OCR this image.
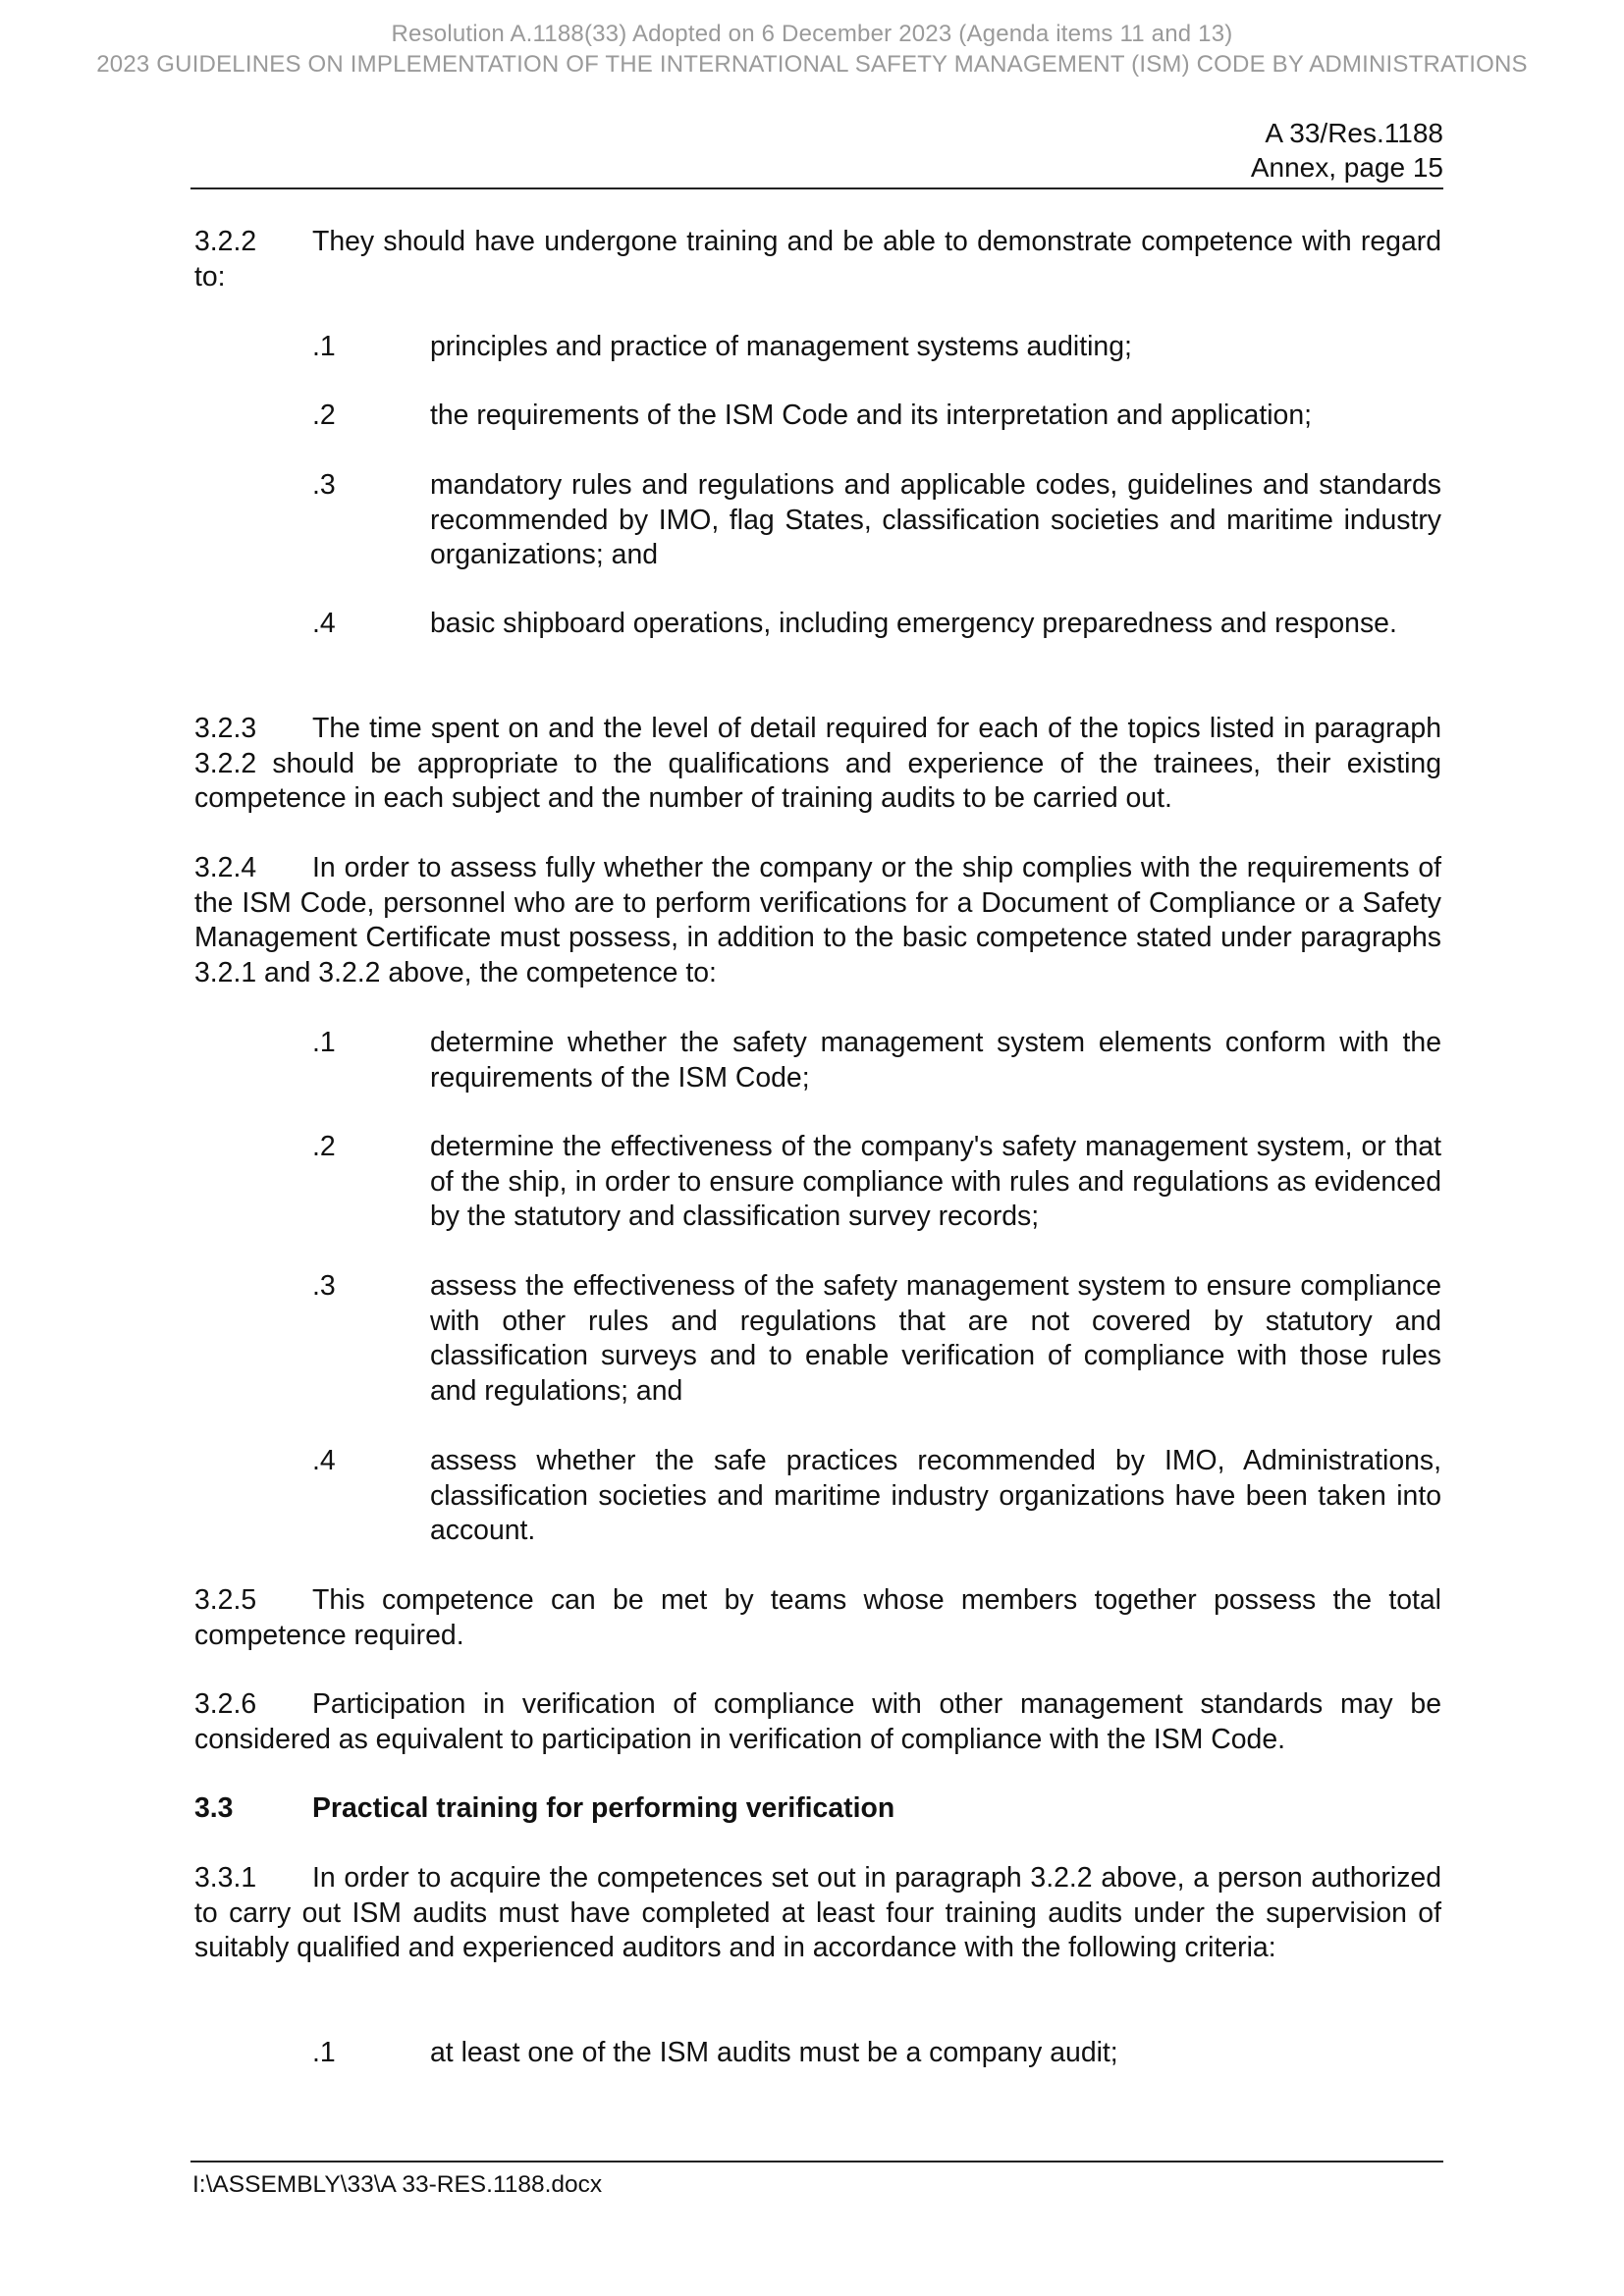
Resolution A.1188(33) Adopted on 6 December 2023 (Agenda items 11 and 13)
2023 GUIDELINES ON IMPLEMENTATION OF THE INTERNATIONAL SAFETY MANAGEMENT (ISM) CODE BY ADMINISTRATIONS
A 33/Res.1188
Annex, page 15
3.2.2	They should have undergone training and be able to demonstrate competence with regard to:
.1	principles and practice of management systems auditing;
.2	the requirements of the ISM Code and its interpretation and application;
.3	mandatory rules and regulations and applicable codes, guidelines and standards recommended by IMO, flag States, classification societies and maritime industry organizations; and
.4	basic shipboard operations, including emergency preparedness and response.
3.2.3	The time spent on and the level of detail required for each of the topics listed in paragraph 3.2.2 should be appropriate to the qualifications and experience of the trainees, their existing competence in each subject and the number of training audits to be carried out.
3.2.4	In order to assess fully whether the company or the ship complies with the requirements of the ISM Code, personnel who are to perform verifications for a Document of Compliance or a Safety Management Certificate must possess, in addition to the basic competence stated under paragraphs 3.2.1 and 3.2.2 above, the competence to:
.1	determine whether the safety management system elements conform with the requirements of the ISM Code;
.2	determine the effectiveness of the company's safety management system, or that of the ship, in order to ensure compliance with rules and regulations as evidenced by the statutory and classification survey records;
.3	assess the effectiveness of the safety management system to ensure compliance with other rules and regulations that are not covered by statutory and classification surveys and to enable verification of compliance with those rules and regulations; and
.4	assess whether the safe practices recommended by IMO, Administrations, classification societies and maritime industry organizations have been taken into account.
3.2.5	This competence can be met by teams whose members together possess the total competence required.
3.2.6	Participation in verification of compliance with other management standards may be considered as equivalent to participation in verification of compliance with the ISM Code.
3.3	Practical training for performing verification
3.3.1	In order to acquire the competences set out in paragraph 3.2.2 above, a person authorized to carry out ISM audits must have completed at least four training audits under the supervision of suitably qualified and experienced auditors and in accordance with the following criteria:
.1	at least one of the ISM audits must be a company audit;
I:\ASSEMBLY\33\A 33-RES.1188.docx
